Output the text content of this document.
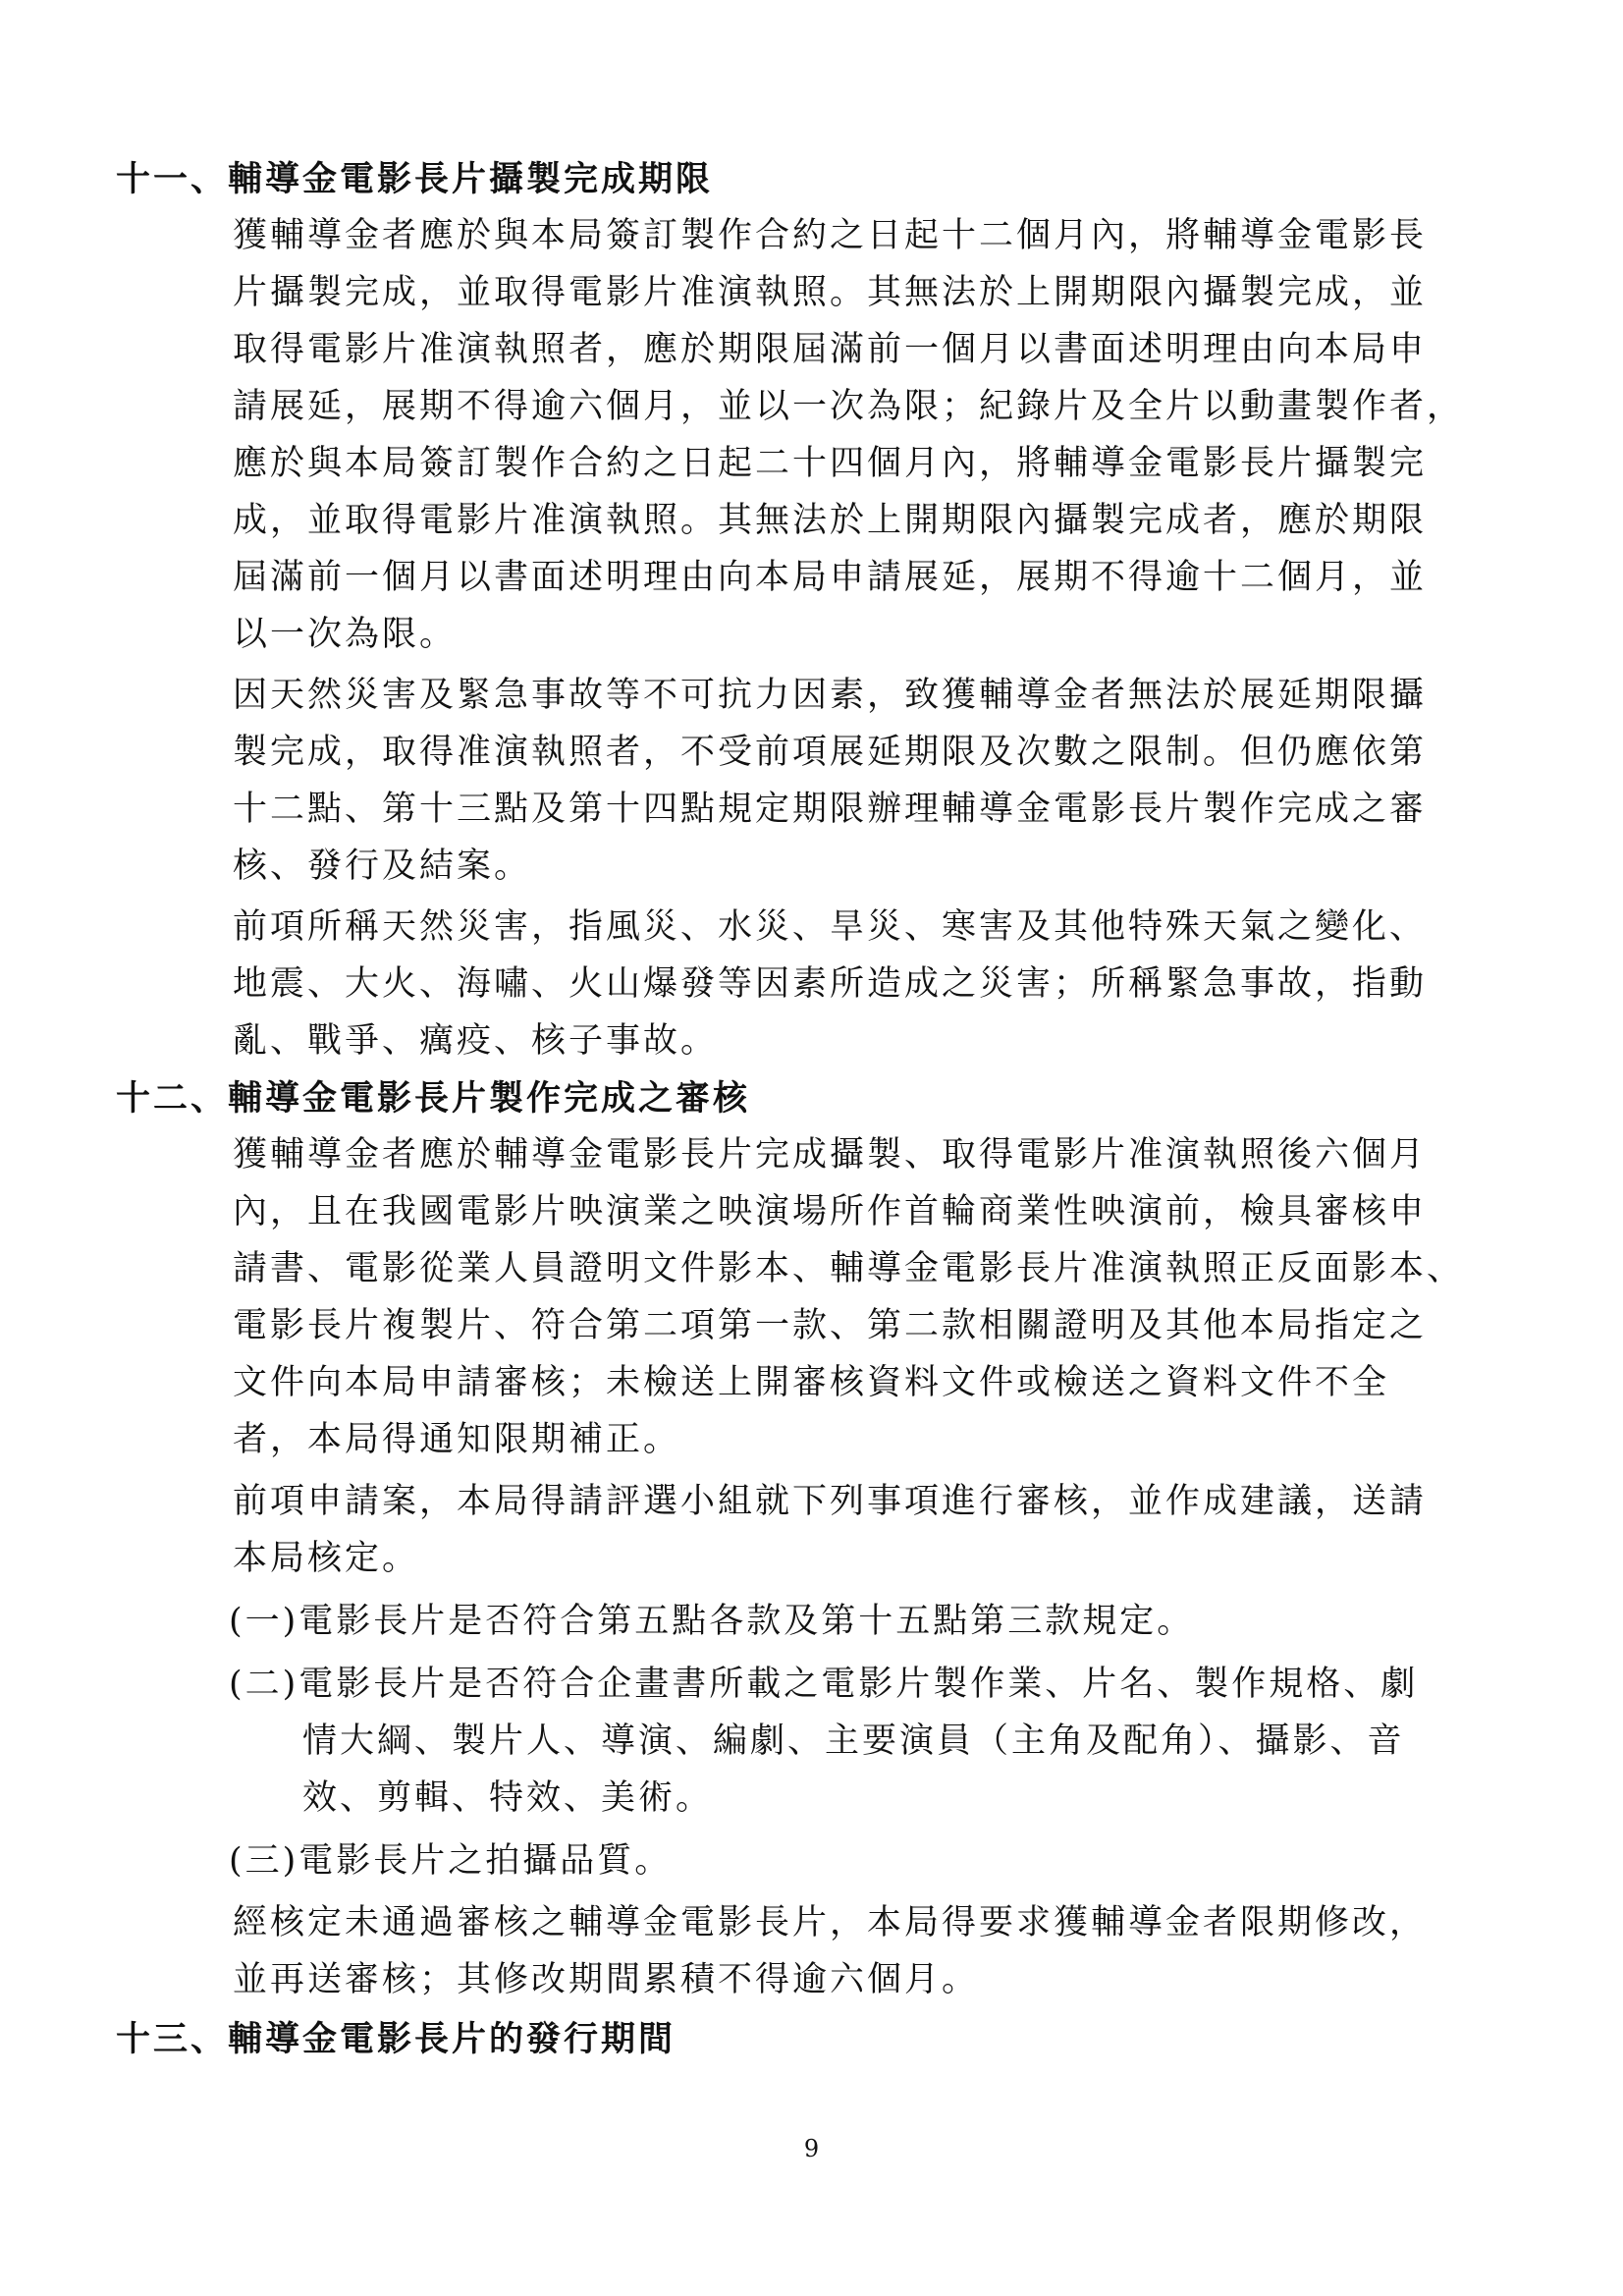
十一、輔導金電影長片攝製完成期限

獲輔導金者應於與本局簽訂製作合約之日起十二個月內，將輔導金電影長

片攝製完成，並取得電影片准演執照。其無法於上開期限內攝製完成，並

取得電影片准演執照者，應於期限屆滿前一個月以書面述明理由向本局申

請展延，展期不得逾六個月，並以一次為限；紀錄片及全片以動畫製作者，

應於與本局簽訂製作合約之日起二十四個月內，將輔導金電影長片攝製完

成，並取得電影片准演執照。其無法於上開期限內攝製完成者，應於期限

屆滿前一個月以書面述明理由向本局申請展延，展期不得逾十二個月，並

以一次為限。

因天然災害及緊急事故等不可抗力因素，致獲輔導金者無法於展延期限攝

製完成，取得准演執照者，不受前項展延期限及次數之限制。但仍應依第

十二點、第十三點及第十四點規定期限辦理輔導金電影長片製作完成之審

核、發行及結案。

前項所稱天然災害，指風災、水災、旱災、寒害及其他特殊天氣之變化、

地震、大火、海嘯、火山爆發等因素所造成之災害；所稱緊急事故，指動

亂、戰爭、癘疫、核子事故。

十二、輔導金電影長片製作完成之審核

獲輔導金者應於輔導金電影長片完成攝製、取得電影片准演執照後六個月

內，且在我國電影片映演業之映演場所作首輪商業性映演前，檢具審核申

請書、電影從業人員證明文件影本、輔導金電影長片准演執照正反面影本、

電影長片複製片、符合第二項第一款、第二款相關證明及其他本局指定之

文件向本局申請審核；未檢送上開審核資料文件或檢送之資料文件不全

者，本局得通知限期補正。

前項申請案，本局得請評選小組就下列事項進行審核，並作成建議，送請

本局核定。

(一)電影長片是否符合第五點各款及第十五點第三款規定。

(二)電影長片是否符合企畫書所載之電影片製作業、片名、製作規格、劇

情大綱、製片人、導演、編劇、主要演員（主角及配角）、攝影、音

效、剪輯、特效、美術。

(三)電影長片之拍攝品質。

經核定未通過審核之輔導金電影長片，本局得要求獲輔導金者限期修改，

並再送審核；其修改期間累積不得逾六個月。

十三、輔導金電影長片的發行期間

9
